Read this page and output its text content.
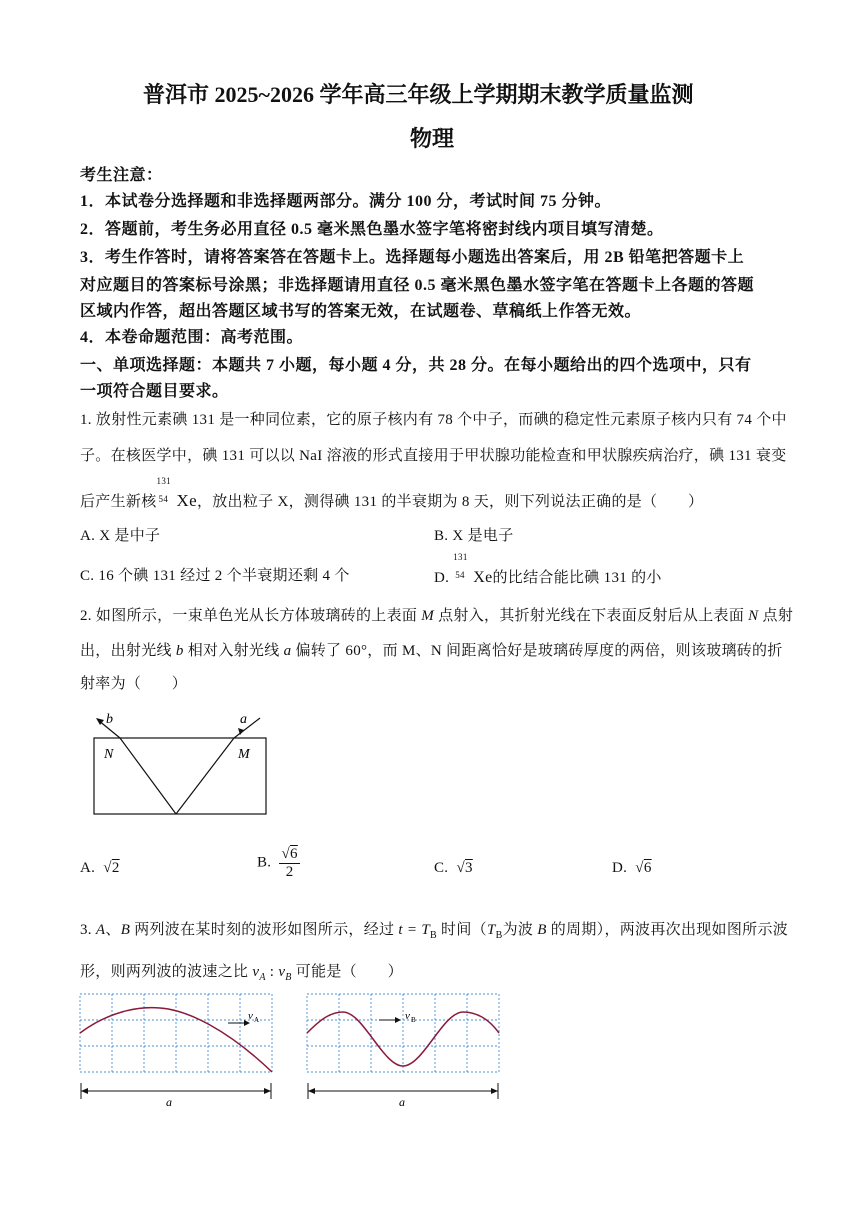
普洱市 2025~2026 学年高三年级上学期期末教学质量监测
物理
考生注意：
1．本试卷分选择题和非选择题两部分。满分 100 分，考试时间 75 分钟。
2．答题前，考生务必用直径 0.5 毫米黑色墨水签字笔将密封线内项目填写清楚。
3．考生作答时，请将答案答在答题卡上。选择题每小题选出答案后，用 2B 铅笔把答题卡上
对应题目的答案标号涂黑；非选择题请用直径 0.5 毫米黑色墨水签字笔在答题卡上各题的答题
区域内作答，超出答题区域书写的答案无效，在试题卷、草稿纸上作答无效。
4．本卷命题范围：高考范围。
一、单项选择题：本题共 7 小题，每小题 4 分，共 28 分。在每小题给出的四个选项中，只有
一项符合题目要求。
1. 放射性元素碘 131 是一种同位素，它的原子核内有 78 个中子，而碘的稳定性元素原子核内只有 74 个中
子。在核医学中，碘 131 可以以 NaI 溶液的形式直接用于甲状腺功能检查和甲状腺疾病治疗，碘 131 衰变
后产生新核
131
54 Xe，放出粒子 X，测得碘 131 的半衰期为 8 天，则下列说法正确的是（　　）
A. X 是中子	B. X 是电子
C. 16 个碘 131 经过 2 个半衰期还剩 4 个	D.
131
54 Xe的比结合能比碘 131 的小
2. 如图所示，一束单色光从长方体玻璃砖的上表面 M 点射入，其折射光线在下表面反射后从上表面 N 点射
出，出射光线 b 相对入射光线 a 偏转了 60°，而 M、N 间距离恰好是玻璃砖厚度的两倍，则该玻璃砖的折
射率为（　　）
b	a
N	M
A. √2	B. $\frac{√6}{2}$	C. √3	D. √6
3. A、B 两列波在某时刻的波形如图所示，经过 $t = T_B$ 时间（$T_B$为波 B 的周期），两波再次出现如图所示波
形，则两列波的波速之比 $v_A$ : $v_B$ 可能是（　　）
v A
a
v B
a
